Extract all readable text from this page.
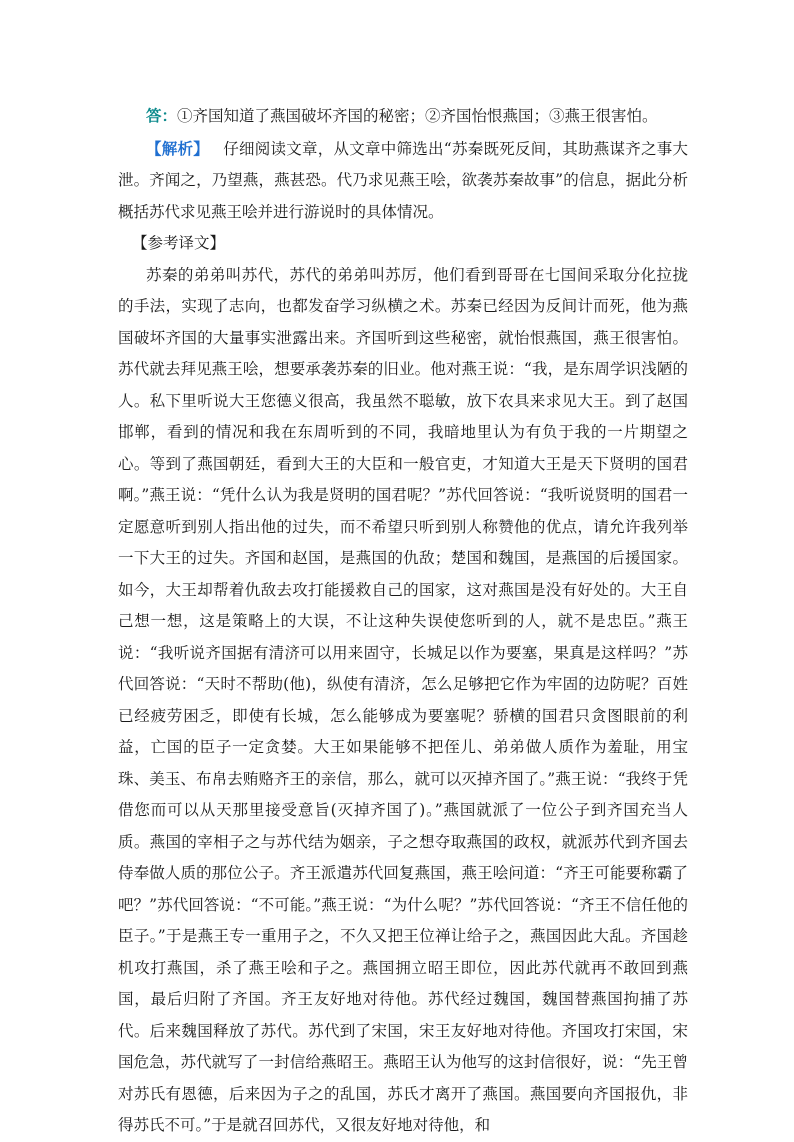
答：①齐国知道了燕国破坏齐国的秘密；②齐国怡恨燕国；③燕王很害怕。

【解析】 仔细阅读文章，从文章中筛选出“苏秦既死反间，其助燕谋齐之事大泄。齐闻之，乃望燕，燕甚恐。代乃求见燕王哙，欲袭苏秦故事”的信息，据此分析概括苏代求见燕王哙并进行游说时的具体情况。

【参考译文】

苏秦的弟弟叫苏代，苏代的弟弟叫苏厉，他们看到哥哥在七国间采取分化拉拢的手法，实现了志向，也都发奋学习纵横之术。苏秦已经因为反间计而死，他为燕国破坏齐国的大量事实泄露出来。齐国听到这些秘密，就怡恨燕国，燕王很害怕。苏代就去拜见燕王哙，想要承袭苏秦的旧业。他对燕王说：“我，是东周学识浅陋的人。私下里听说大王您德义很高，我虽然不聪敏，放下农具来求见大王。到了赵国邯郸，看到的情况和我在东周听到的不同，我暗地里认为有负于我的一片期望之心。等到了燕国朝廷，看到大王的大臣和一般官吏，才知道大王是天下贤明的国君啊。”燕王说：“凭什么认为我是贤明的国君呢？”苏代回答说：“我听说贤明的国君一定愿意听到别人指出他的过失，而不希望只听到别人称赞他的优点，请允许我列举一下大王的过失。齐国和赵国，是燕国的仇敌；楚国和魏国，是燕国的后援国家。如今，大王却帮着仇敌去攻打能援救自己的国家，这对燕国是没有好处的。大王自己想一想，这是策略上的大误，不让这种失误使您听到的人，就不是忠臣。”燕王说：“我听说齐国据有清济可以用来固守，长城足以作为要塞，果真是这样吗？”苏代回答说：“天时不帮助(他)，纵使有清济，怎么足够把它作为牢固的边防呢？百姓已经疲劳困乏，即使有长城，怎么能够成为要塞呢？骄横的国君只贪图眼前的利益，亡国的臣子一定贪婪。大王如果能够不把侄儿、弟弟做人质作为羞耻，用宝珠、美玉、布帛去贿赂齐王的亲信，那么，就可以灭掉齐国了。”燕王说：“我终于凭借您而可以从天那里接受意旨(灭掉齐国了)。”燕国就派了一位公子到齐国充当人质。燕国的宰相子之与苏代结为姻亲，子之想夺取燕国的政权，就派苏代到齐国去侍奉做人质的那位公子。齐王派遣苏代回复燕国，燕王哙问道：“齐王可能要称霸了吧？”苏代回答说：“不可能。”燕王说：“为什么呢？”苏代回答说：“齐王不信任他的臣子。”于是燕王专一重用子之，不久又把王位禅让给子之，燕国因此大乱。齐国趁机攻打燕国，杀了燕王哙和子之。燕国拥立昭王即位，因此苏代就再不敢回到燕国，最后归附了齐国。齐王友好地对待他。苏代经过魏国，魏国替燕国拘捕了苏代。后来魏国释放了苏代。苏代到了宋国，宋王友好地对待他。齐国攻打宋国，宋国危急，苏代就写了一封信给燕昭王。燕昭王认为他写的这封信很好，说：“先王曾对苏氏有恩德，后来因为子之的乱国，苏氏才离开了燕国。燕国要向齐国报仇，非得苏氏不可。”于是就召回苏代，又很友好地对待他，和
